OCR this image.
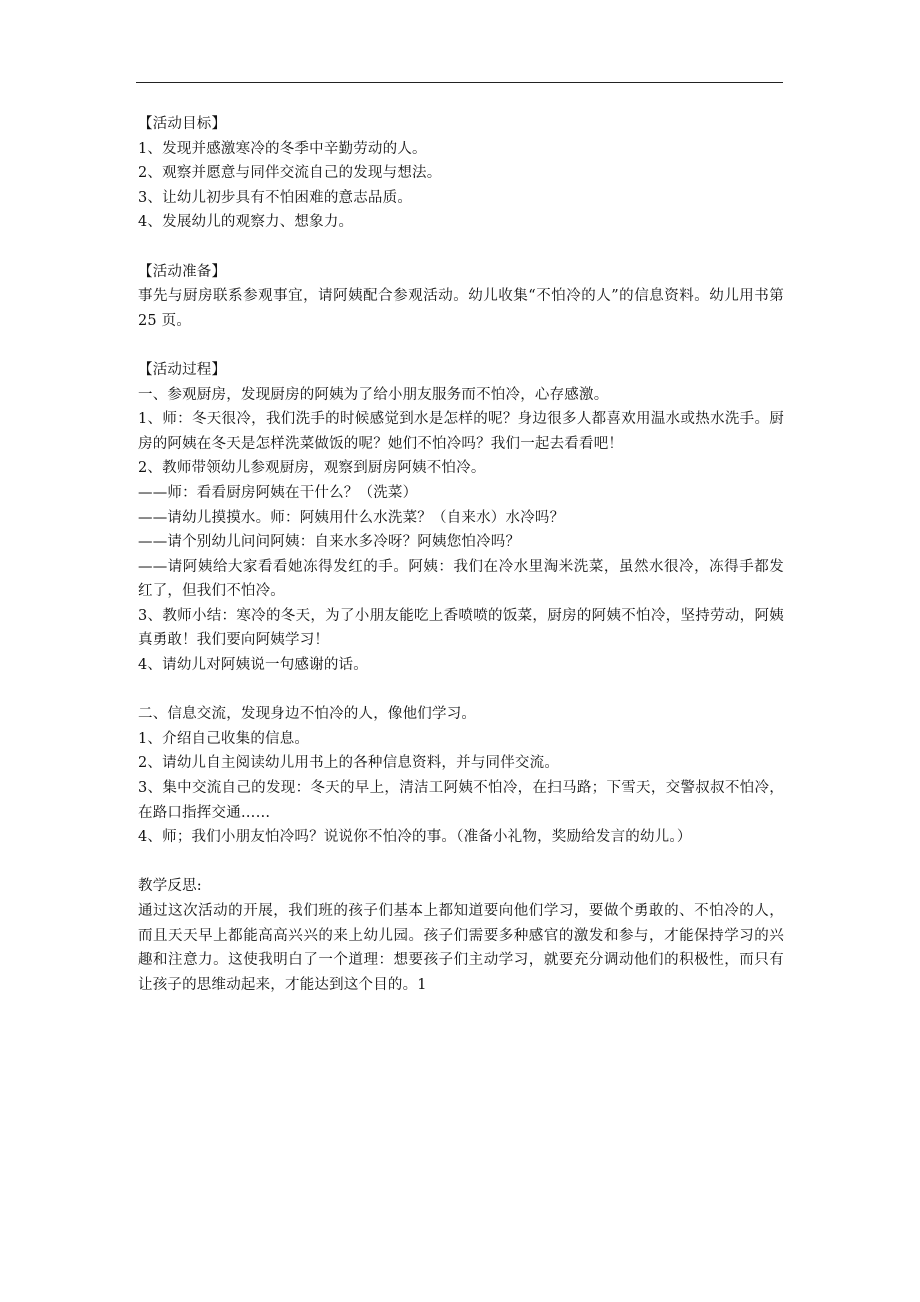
【活动目标】
1、发现并感激寒冷的冬季中辛勤劳动的人。
2、观察并愿意与同伴交流自己的发现与想法。
3、让幼儿初步具有不怕困难的意志品质。
4、发展幼儿的观察力、想象力。
【活动准备】
事先与厨房联系参观事宜，请阿姨配合参观活动。幼儿收集“不怕冷的人”的信息资料。幼儿用书第 25 页。
【活动过程】
一、参观厨房，发现厨房的阿姨为了给小朋友服务而不怕冷，心存感激。
1、师：冬天很冷，我们洗手的时候感觉到水是怎样的呢？身边很多人都喜欢用温水或热水洗手。厨房的阿姨在冬天是怎样洗菜做饭的呢？她们不怕冷吗？我们一起去看看吧！
2、教师带领幼儿参观厨房，观察到厨房阿姨不怕冷。
——师：看看厨房阿姨在干什么？（洗菜）
——请幼儿摸摸水。师：阿姨用什么水洗菜？（自来水）水冷吗？
——请个别幼儿问问阿姨：自来水多冷呀？阿姨您怕冷吗？
——请阿姨给大家看看她冻得发红的手。阿姨：我们在冷水里淘米洗菜，虽然水很冷，冻得手都发红了，但我们不怕冷。
3、教师小结：寒冷的冬天，为了小朋友能吃上香喷喷的饭菜，厨房的阿姨不怕冷，坚持劳动，阿姨真勇敢！我们要向阿姨学习！
4、请幼儿对阿姨说一句感谢的话。
二、信息交流，发现身边不怕冷的人，像他们学习。
1、介绍自己收集的信息。
2、请幼儿自主阅读幼儿用书上的各种信息资料，并与同伴交流。
3、集中交流自己的发现：冬天的早上，清洁工阿姨不怕冷，在扫马路；下雪天，交警叔叔不怕冷，在路口指挥交通……
4、师；我们小朋友怕冷吗？说说你不怕冷的事。（准备小礼物，奖励给发言的幼儿。）
教学反思:
通过这次活动的开展，我们班的孩子们基本上都知道要向他们学习，要做个勇敢的、不怕冷的人，而且天天早上都能高高兴兴的来上幼儿园。孩子们需要多种感官的激发和参与，才能保持学习的兴趣和注意力。这使我明白了一个道理：想要孩子们主动学习，就要充分调动他们的积极性，而只有让孩子的思维动起来，才能达到这个目的。1
